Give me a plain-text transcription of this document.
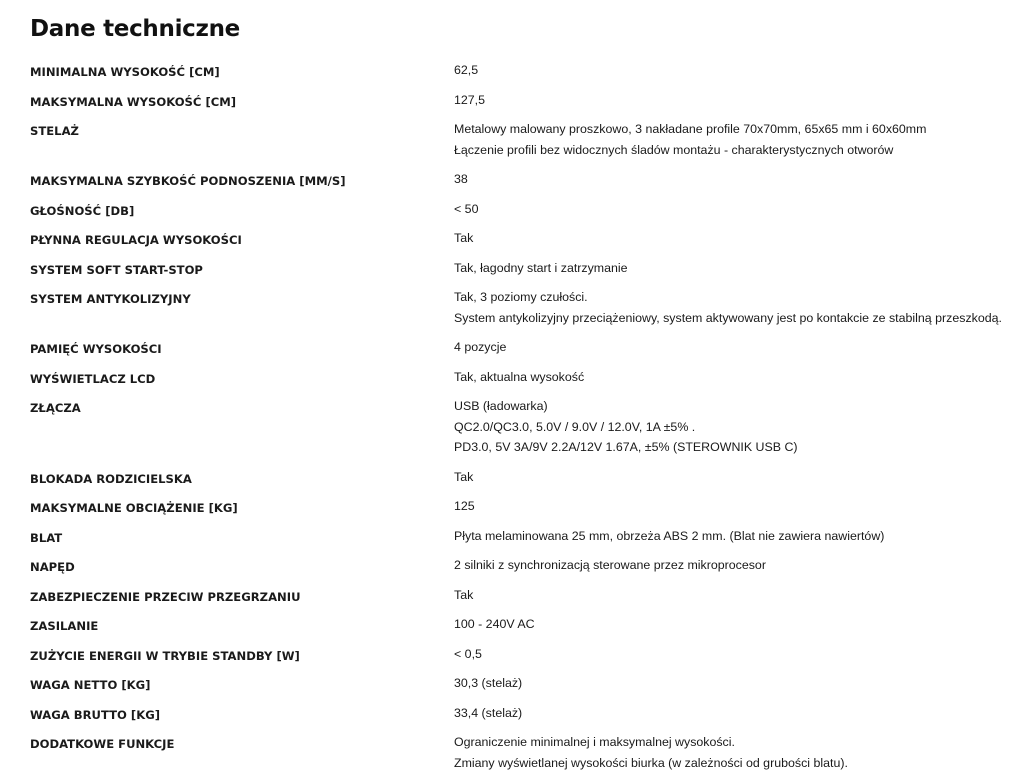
Dane techniczne
MINIMALNA WYSOKOŚĆ [CM]	62,5
MAKSYMALNA WYSOKOŚĆ [CM]	127,5
STELAŻ	Metalowy malowany proszkowo, 3 nakładane profile 70x70mm, 65x65 mm i 60x60mm
Łączenie profili bez widocznych śladów montażu - charakterystycznych otworów
MAKSYMALNA SZYBKOŚĆ PODNOSZENIA [MM/S]	38
GŁOŚNOŚĆ [DB]	< 50
PŁYNNA REGULACJA WYSOKOŚCI	Tak
SYSTEM SOFT START-STOP	Tak, łagodny start i zatrzymanie
SYSTEM ANTYKOLIZYJNY	Tak, 3 poziomy czułości.
System antykolizyjny przeciążeniowy, system aktywowany jest po kontakcie ze stabilną przeszkodą.
PAMIĘĆ WYSOKOŚCI	4 pozycje
WYŚWIETLACZ LCD	Tak, aktualna wysokość
ZŁĄCZA	USB (ładowarka)
QC2.0/QC3.0, 5.0V / 9.0V / 12.0V, 1A ±5% .
PD3.0, 5V 3A/9V 2.2A/12V 1.67A, ±5% (STEROWNIK USB C)
BLOKADA RODZICIELSKA	Tak
MAKSYMALNE OBCIĄŻENIE [KG]	125
BLAT	Płyta melaminowana 25 mm, obrzeża ABS 2 mm. (Blat nie zawiera nawiertów)
NAPĘD	2 silniki z synchronizacją sterowane przez mikroprocesor
ZABEZPIECZENIE PRZECIW PRZEGRZANIU	Tak
ZASILANIE	100 - 240V AC
ZUŻYCIE ENERGII W TRYBIE STANDBY [W]	< 0,5
WAGA NETTO [KG]	30,3 (stelaż)
WAGA BRUTTO [KG]	33,4 (stelaż)
DODATKOWE FUNKCJE	Ograniczenie minimalnej i maksymalnej wysokości.
Zmiany wyświetlanej wysokości biurka (w zależności od grubości blatu).
